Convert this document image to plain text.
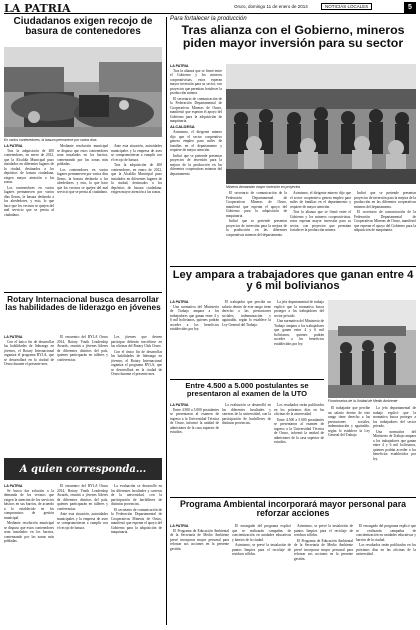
LA PATRIA	Oruro, domingo 11 de enero de 2014	NOTICIAS LOCALES	5
Ciudadanos exigen recojo de basura de contenedores
En varios contenedores, la basura permanece por varios días
LA PATRIA

Tras la adquisición de 400 contenedores, en enero de 2012, que la Alcaldía Municipal puso instalados en diferentes lugares de la ciudad, destinados a los depósitos de basura ciudadana, exigen mayor atención a las zonas.

Los contenedores en varios lugares permanecen por varios días llenos, la basura desborda a los alrededores, y esto, lo que hace que los vecinos se quejen del mal servicio que se presta al ciudadano.

Mediante resolución municipal se dispuso que estos contenedores sean instalados en los barrios, comenzando por las zonas más pobladas.

Los contenedores en varios lugares permanecen por varios días llenos, la basura desborda a los alrededores, y esto, lo que hace que los vecinos se quejen del mal servicio que se presta al ciudadano.

Ante esta situación, autoridades municipales y la empresa de aseo se comprometieron a cumplir con el recojo de basura.

Tras la adquisición de 400 contenedores, en enero de 2012, que la Alcaldía Municipal puso instalados en diferentes lugares de la ciudad, destinados a los depósitos de basura ciudadana, exigen mayor atención a las zonas.

Rotary Internacional busca desarrollar las habilidades de liderazgo en jóvenes
LA PATRIA

Con el único fin de desarrollar las habilidades de liderazgo en jóvenes, el Rotary Internacional organiza el programa RYLA, que se desarrollará en la ciudad de Oruro durante el presente mes.

El encuentro del RYLA Oruro 2014, Rotary Youth Leadership Awards, reunirá a jóvenes líderes de diferentes distritos del país, quienes participarán en talleres y conferencias.

Los jóvenes que deseen participar deberán inscribirse en las oficinas del Rotary Club Oruro.

Con el único fin de desarrollar las habilidades de liderazgo en jóvenes, el Rotary Internacional organiza el programa RYLA, que se desarrollará en la ciudad de Oruro durante el presente mes.

A quien corresponda...
LA PATRIA

Se busca dar solución a la demanda de los vecinos que exigen la atención de los servicios básicos en sus barrios, de acuerdo a lo establecido en los compromisos de gestión municipal.

Mediante resolución municipal se dispuso que estos contenedores sean instalados en los barrios, comenzando por las zonas más pobladas.

El encuentro del RYLA Oruro 2014, Rotary Youth Leadership Awards, reunirá a jóvenes líderes de diferentes distritos del país, quienes participarán en talleres y conferencias.

Ante esta situación, autoridades municipales y la empresa de aseo se comprometieron a cumplir con el recojo de basura.

La evaluación se desarrolló en las diferentes facultades y carreras de la universidad, con la participación de bachilleres de distintas provincias.

El secretario de comunicación de la Federación Departamental de Cooperativas Mineras de Oruro, manifestó que esperan el apoyo del Gobierno para la adquisición de maquinaria.

Para fortalecer la producción
Tras alianza con el Gobierno, mineros piden mayor inversión para su sector
LA PATRIA

Tras la alianza que se firmó entre el Gobierno y los mineros cooperativistas, estos esperan mayor inversión para su sector, con proyectos que permitan fortalecer la producción minera.

El secretario de comunicación de la Federación Departamental de Cooperativas Mineras de Oruro, manifestó que esperan el apoyo del Gobierno para la adquisición de maquinaria.

ALCALDESA

Asimismo, el dirigente minero dijo que el sector cooperativo genera empleo para miles de familias en el departamento y requiere de mayor atención.

Indicó que se pretende presentar proyectos de inversión para la mejora de la producción en las diferentes cooperativas mineras del departamento.

Mineros demandan mayor inversión en proyectos

El secretario de comunicación de la Federación Departamental de Cooperativas Mineras de Oruro, manifestó que esperan el apoyo del Gobierno para la adquisición de maquinaria.

Indicó que se pretende presentar proyectos de inversión para la mejora de la producción en las diferentes cooperativas mineras del departamento.

Asimismo, el dirigente minero dijo que el sector cooperativo genera empleo para miles de familias en el departamento y requiere de mayor atención.

Tras la alianza que se firmó entre el Gobierno y los mineros cooperativistas, estos esperan mayor inversión para su sector, con proyectos que permitan fortalecer la producción minera.

Indicó que se pretende presentar proyectos de inversión para la mejora de la producción en las diferentes cooperativas mineras del departamento.

El secretario de comunicación de la Federación Departamental de Cooperativas Mineras de Oruro, manifestó que esperan el apoyo del Gobierno para la adquisición de maquinaria.

Ley ampara a trabajadores que ganan entre 4 y 6 mil bolivianos
LA PATRIA

Una normativa del Ministerio de Trabajo ampara a los trabajadores que ganan entre 4 y 6 mil bolivianos, quienes podrán acceder a los beneficios establecidos por ley.

El trabajador que percibe un salario dentro de este rango tiene derecho a las prestaciones sociales, indemnización y aguinaldo, según lo establece la Ley General del Trabajo.

La jefa departamental de trabajo explicó que la normativa busca proteger a los trabajadores del sector privado.

Una normativa del Ministerio de Trabajo ampara a los trabajadores que ganan entre 4 y 6 mil bolivianos, quienes podrán acceder a los beneficios establecidos por ley.

Entre 4.500 a 5.000 postulantes se presentaron al examen de la UTO
LA PATRIA

Entre 4.500 a 5.000 postulantes se presentaron al examen de ingreso a la Universidad Técnica de Oruro, informó la unidad de admisiones de la casa superior de estudios.

La evaluación se desarrolló en las diferentes facultades y carreras de la universidad, con la participación de bachilleres de distintas provincias.

Los resultados serán publicados en los próximos días en las oficinas de la universidad.

Entre 4.500 a 5.000 postulantes se presentaron al examen de ingreso a la Universidad Técnica de Oruro, informó la unidad de admisiones de la casa superior de estudios.

Funcionarios de la Unidad de Medio Ambiente

El trabajador que percibe un salario dentro de este rango tiene derecho a las prestaciones sociales, indemnización y aguinaldo, según lo establece la Ley General del Trabajo.

La jefa departamental de trabajo explicó que la normativa busca proteger a los trabajadores del sector privado.

Una normativa del Ministerio de Trabajo ampara a los trabajadores que ganan entre 4 y 6 mil bolivianos, quienes podrán acceder a los beneficios establecidos por ley.

Programa Ambiental incorporará mayor personal para reforzar acciones
LA PATRIA

El Programa de Educación Ambiental de la Secretaría de Medio Ambiente prevé incorporar mayor personal para reforzar sus acciones en la presente gestión.

El encargado del programa explicó que se realizarán campañas de concientización en unidades educativas y barrios de la ciudad.

Asimismo, se prevé la instalación de puntos limpios para el reciclaje de residuos sólidos.

Asimismo, se prevé la instalación de puntos limpios para el reciclaje de residuos sólidos.

El Programa de Educación Ambiental de la Secretaría de Medio Ambiente prevé incorporar mayor personal para reforzar sus acciones en la presente gestión.

El encargado del programa explicó que se realizarán campañas de concientización en unidades educativas y barrios de la ciudad.

Los resultados serán publicados en los próximos días en las oficinas de la universidad.
